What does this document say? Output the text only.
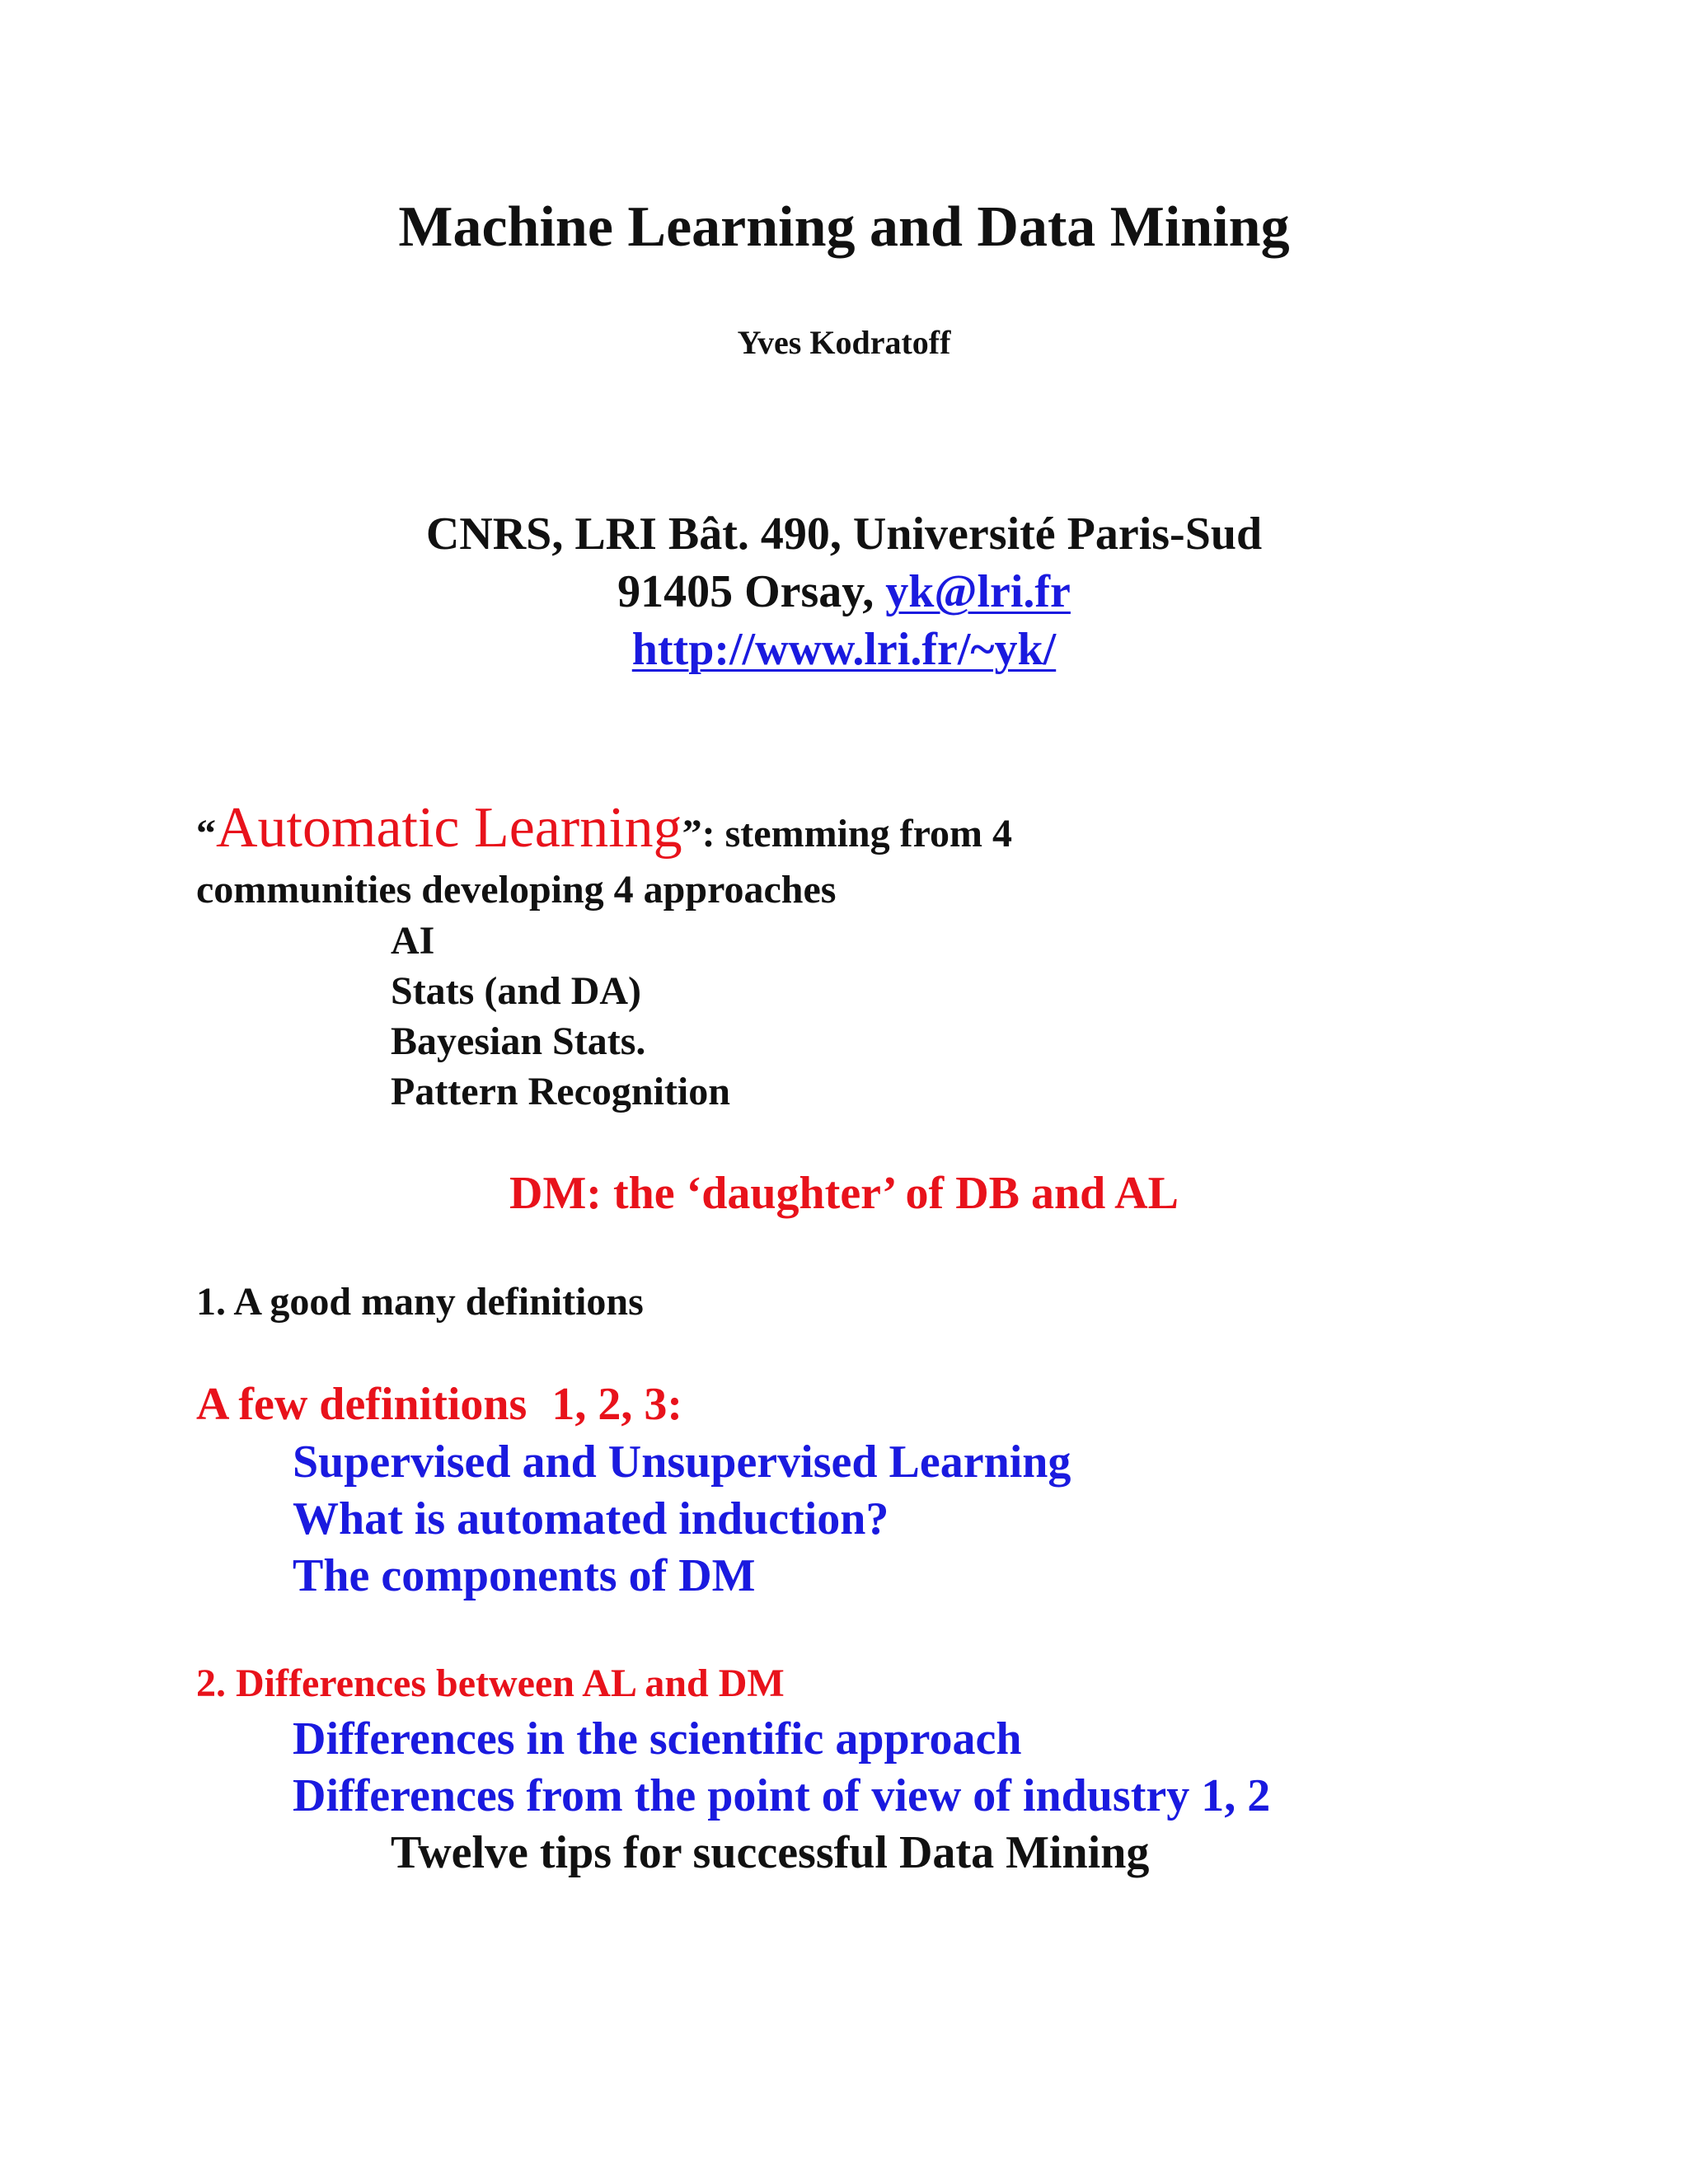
Machine Learning and Data Mining
Yves Kodratoff
CNRS, LRI Bât. 490, Université Paris-Sud
91405 Orsay, yk@lri.fr
http://www.lri.fr/~yk/
“Automatic Learning”: stemming from 4
communities developing 4 approaches
AI
Stats (and DA)
Bayesian Stats.
Pattern Recognition
DM: the ‘daughter’ of DB and AL
1. A good many definitions
A few definitions 1, 2, 3:
Supervised and Unsupervised Learning
What is automated induction?
The components of DM
2. Differences between AL and DM
Differences in the scientific approach
Differences from the point of view of industry 1, 2
Twelve tips for successful Data Mining
